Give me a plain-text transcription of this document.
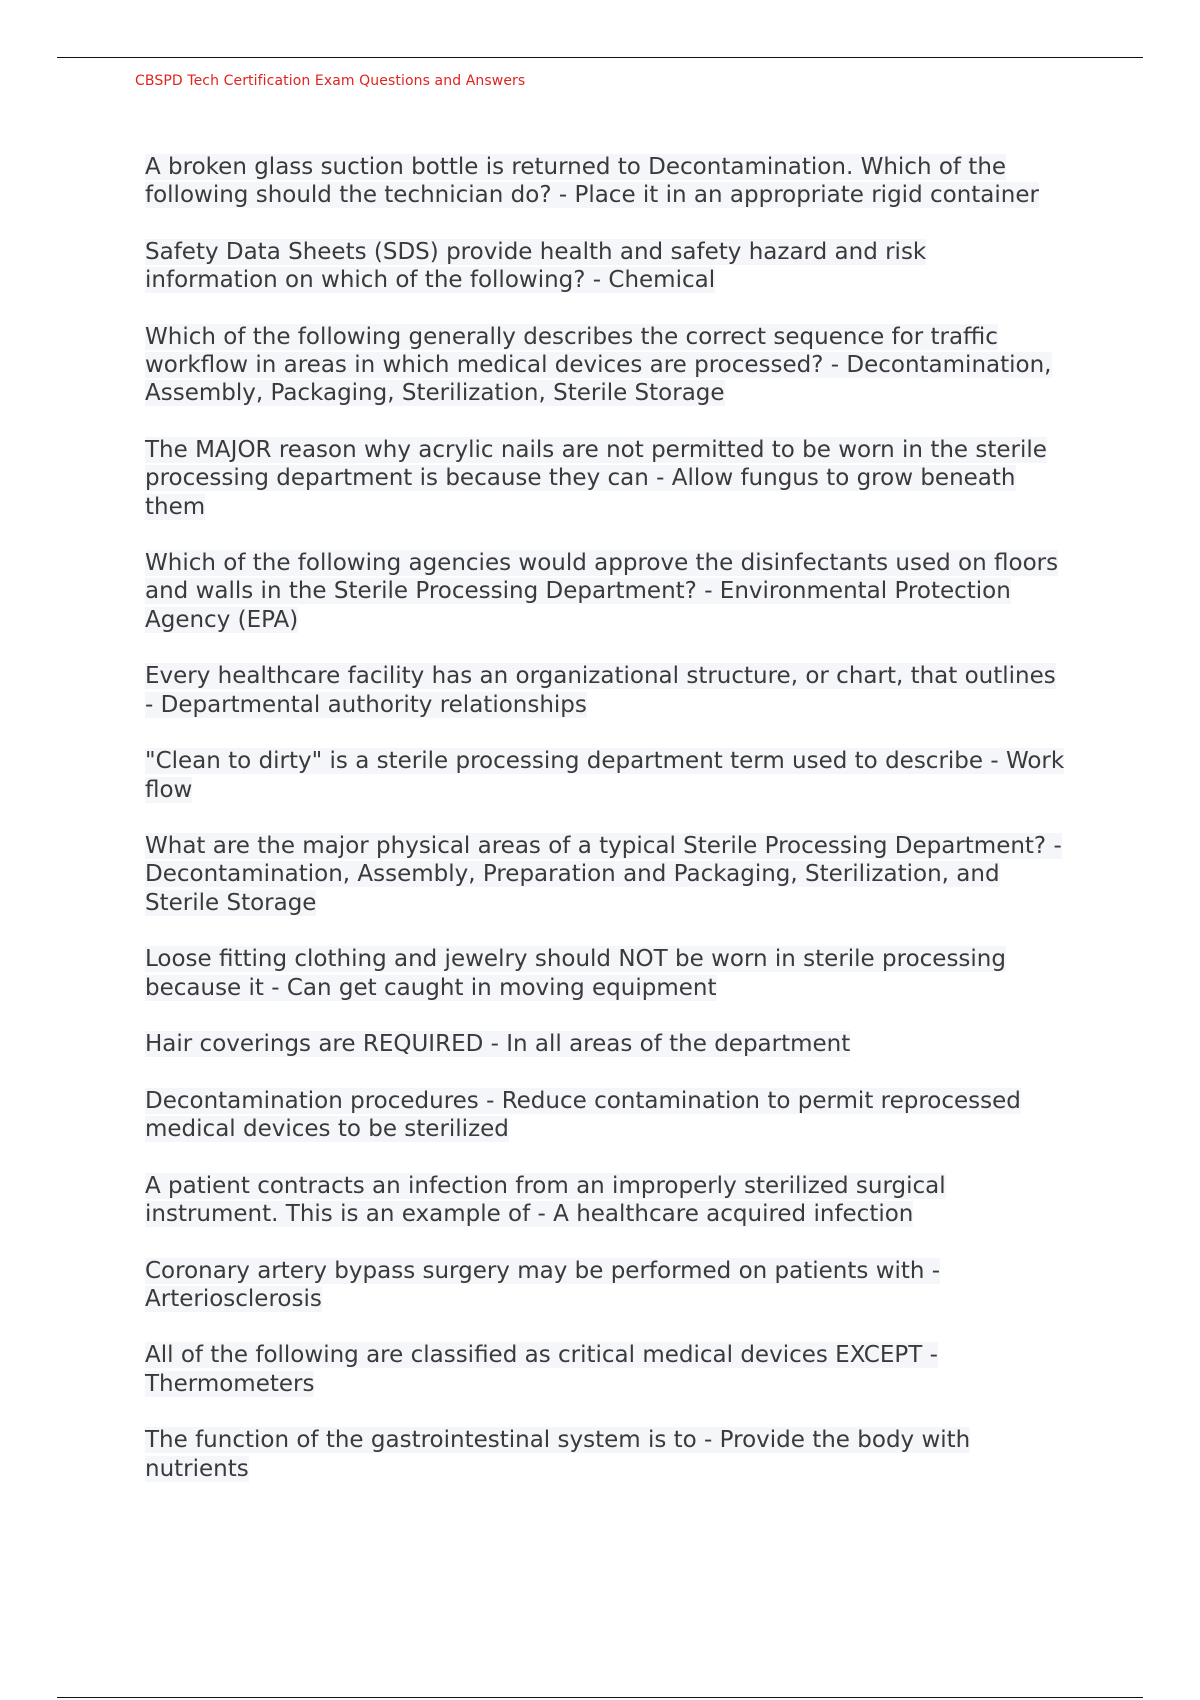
CBSPD Tech Certification Exam Questions and Answers
A broken glass suction bottle is returned to Decontamination. Which of the following should the technician do? - Place it in an appropriate rigid container
Safety Data Sheets (SDS) provide health and safety hazard and risk information on which of the following? - Chemical
Which of the following generally describes the correct sequence for traffic workflow in areas in which medical devices are processed? - Decontamination, Assembly, Packaging, Sterilization, Sterile Storage
The MAJOR reason why acrylic nails are not permitted to be worn in the sterile processing department is because they can - Allow fungus to grow beneath them
Which of the following agencies would approve the disinfectants used on floors and walls in the Sterile Processing Department? - Environmental Protection Agency (EPA)
Every healthcare facility has an organizational structure, or chart, that outlines - Departmental authority relationships
"Clean to dirty" is a sterile processing department term used to describe - Work flow
What are the major physical areas of a typical Sterile Processing Department? - Decontamination, Assembly, Preparation and Packaging, Sterilization, and Sterile Storage
Loose fitting clothing and jewelry should NOT be worn in sterile processing because it - Can get caught in moving equipment
Hair coverings are REQUIRED - In all areas of the department
Decontamination procedures - Reduce contamination to permit reprocessed medical devices to be sterilized
A patient contracts an infection from an improperly sterilized surgical instrument. This is an example of - A healthcare acquired infection
Coronary artery bypass surgery may be performed on patients with - Arteriosclerosis
All of the following are classified as critical medical devices EXCEPT - Thermometers
The function of the gastrointestinal system is to - Provide the body with nutrients
